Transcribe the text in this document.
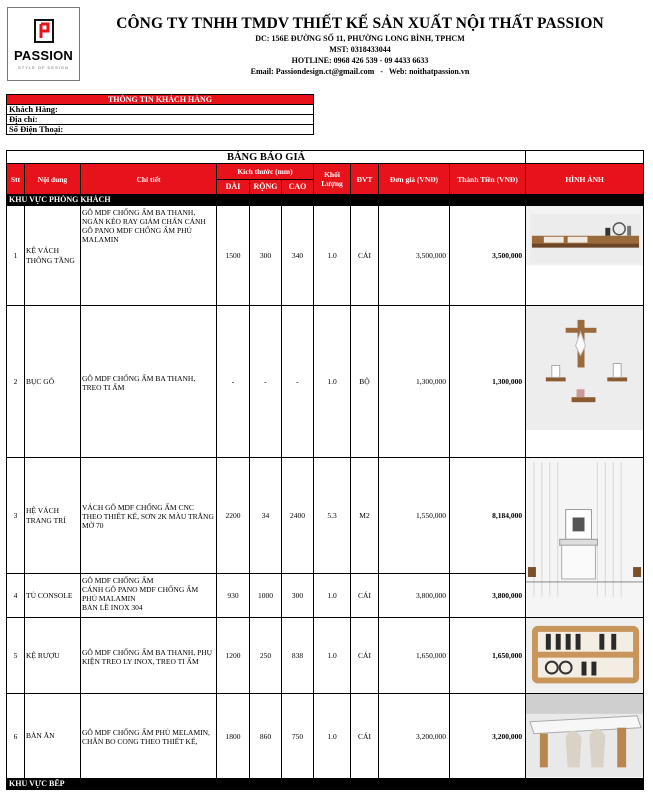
PASSION
STYLE OF DESIGN
CÔNG TY TNHH TMDV THIẾT KẾ SẢN XUẤT NỘI THẤT PASSION
DC: 156E ĐƯỜNG SỐ 11, PHƯỜNG LONG BÌNH, TPHCM
MST: 0318433044
HOTLINE: 0968 426 539 - 09 4433 6633
Email: Passiondesign.ct@gmail.com   -   Web: noithatpassion.vn
THÔNG TIN KHÁCH HÀNG
Khách Hàng:
Địa chỉ:
Số Điện Thoại:
BẢNG BÁO GIÁ										
Stt	Nội dung	Chi tiết	Kích thước (mm)			Khối Lượng	ĐVT	Đơn giá (VNĐ)	Thành Tiền (VNĐ)	HÌNH ẢNH
			DÀI	RỘNG	CAO					
KHU VỰC PHÒNG KHÁCH										
1	KỆ VÁCH THÔNG TẦNG	GỖ MDF CHỐNG ẨM BA THANH, NGĂN KÉO RAY GIẢM CHẤN CÁNH GỖ PANO MDF CHỐNG ẨM PHỦ MALAMIN	1500	300	340	1.0	CÁI	3,500,000	3,500,000	

2	BỤC GỖ	GỖ MDF CHỐNG ẨM BA THANH, TREO TI ẨM	-	-	-	1.0	BỘ	1,300,000	1,300,000	

3	HỆ VÁCH TRANG TRÍ	VÁCH GỖ MDF CHỐNG ẨM CNC THEO THIẾT KẾ, SƠN 2K MÀU TRẮNG MỜ 70	2200	34	2400	5.3	M2	1,550,000	8,184,000	

4	TỦ CONSOLE	GỖ MDF CHỐNG ẨM
CÁNH GỖ PANO MDF CHỐNG ẨM PHỦ MALAMIN
BẢN LỀ INOX 304	930	1000	300	1.0	CÁI	3,800,000	3,800,000	
5	KỆ RƯỢU	GỖ MDF CHỐNG ẨM BA THANH, PHỤ KIỆN TREO LY INOX, TREO TI ẨM	1200	250	838	1.0	CÁI	1,650,000	1,650,000	

6	BÀN ĂN	GỖ MDF CHỐNG ẨM PHỦ MELAMIN, CHÂN BO CONG THEO THIẾT KẾ,	1800	860	750	1.0	CÁI	3,200,000	3,200,000	

KHU VỰC BẾP										
